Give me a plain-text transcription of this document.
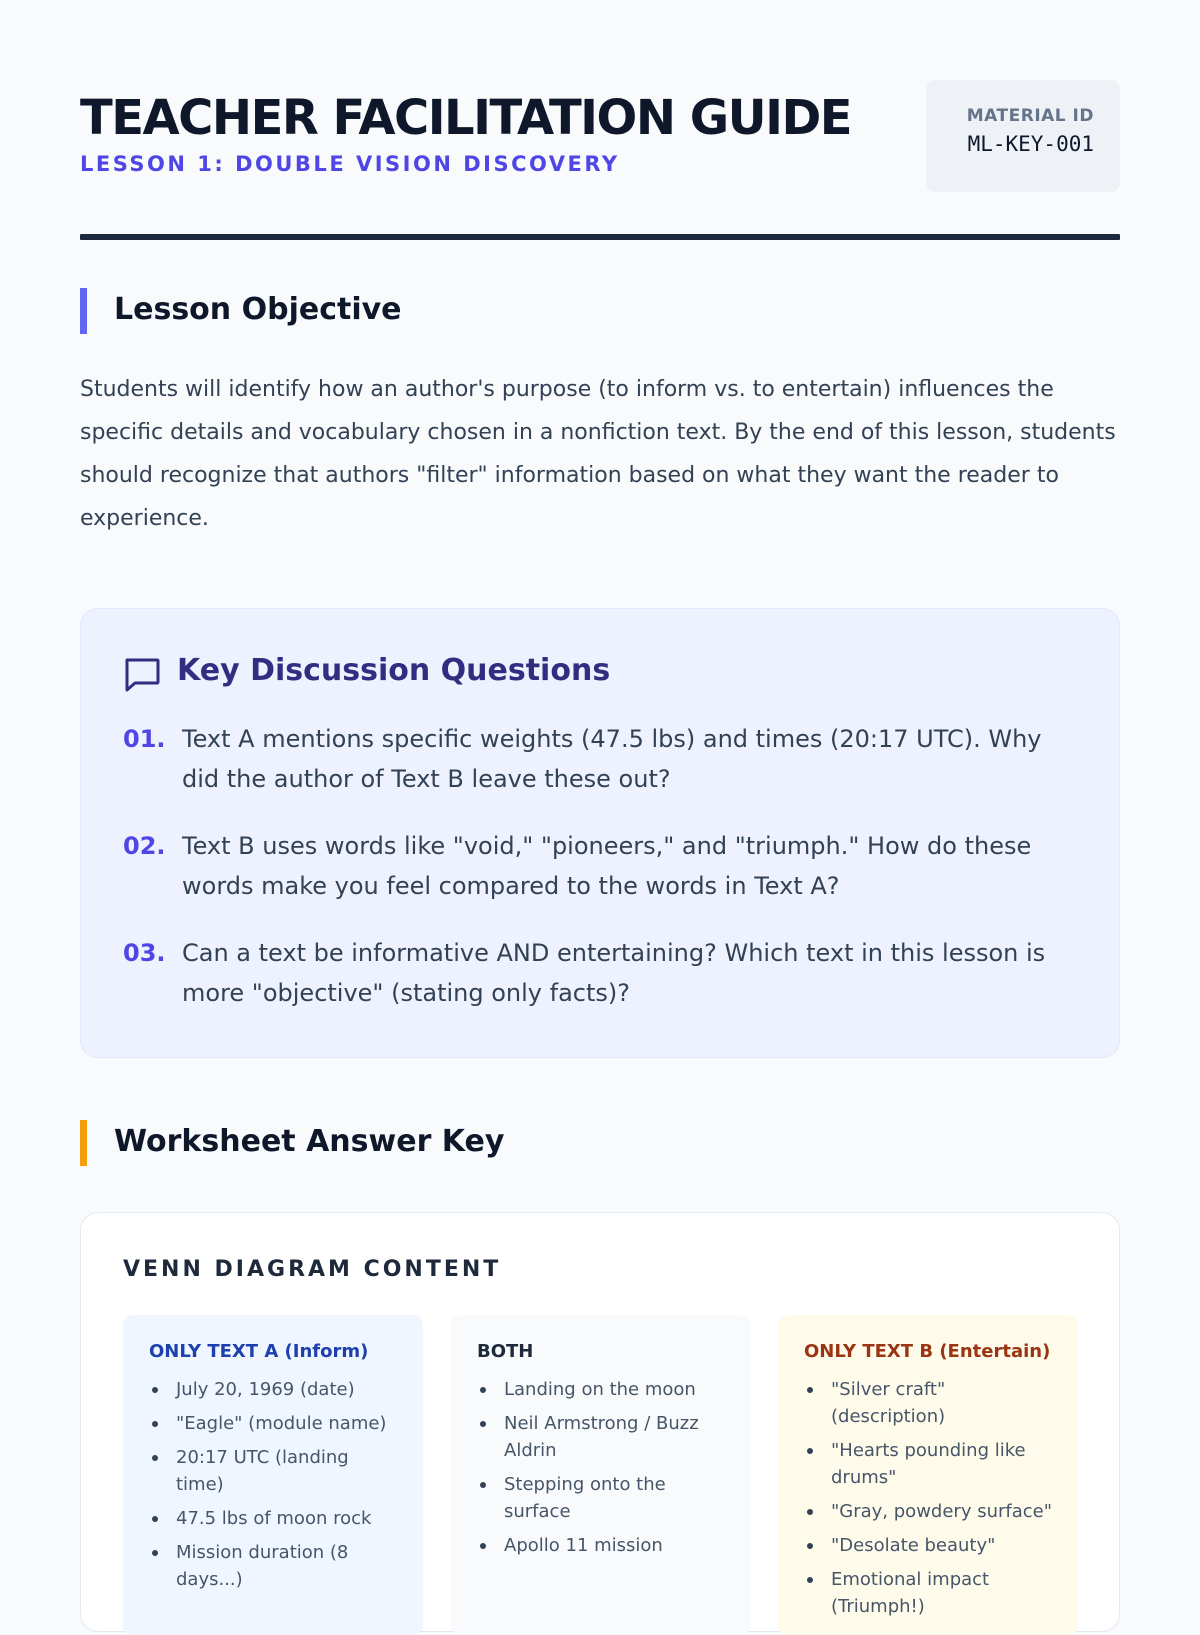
TEACHER FACILITATION GUIDE
LESSON 1: DOUBLE VISION DISCOVERY
MATERIAL ID
ML-KEY-001
Lesson Objective

Students will identify how an author's purpose (to inform vs. to entertain) influences the specific details and vocabulary chosen in a nonfiction text. By the end of this lesson, students should recognize that authors "filter" information based on what they want the reader to experience.

Key Discussion Questions
01. Text A mentions specific weights (47.5 lbs) and times (20:17 UTC). Why did the author of Text B leave these out?
02. Text B uses words like "void," "pioneers," and "triumph." How do these words make you feel compared to the words in Text A?
03. Can a text be informative AND entertaining? Which text in this lesson is more "objective" (stating only facts)?
Worksheet Answer Key
VENN DIAGRAM CONTENT
ONLY TEXT A (Inform)
July 20, 1969 (date)
"Eagle" (module name)
20:17 UTC (landing time)
47.5 lbs of moon rock
Mission duration (8 days...)
BOTH
Landing on the moon
Neil Armstrong / Buzz Aldrin
Stepping onto the surface
Apollo 11 mission
ONLY TEXT B (Entertain)
"Silver craft" (description)
"Hearts pounding like drums"
"Gray, powdery surface"
"Desolate beauty"
Emotional impact (Triumph!)
